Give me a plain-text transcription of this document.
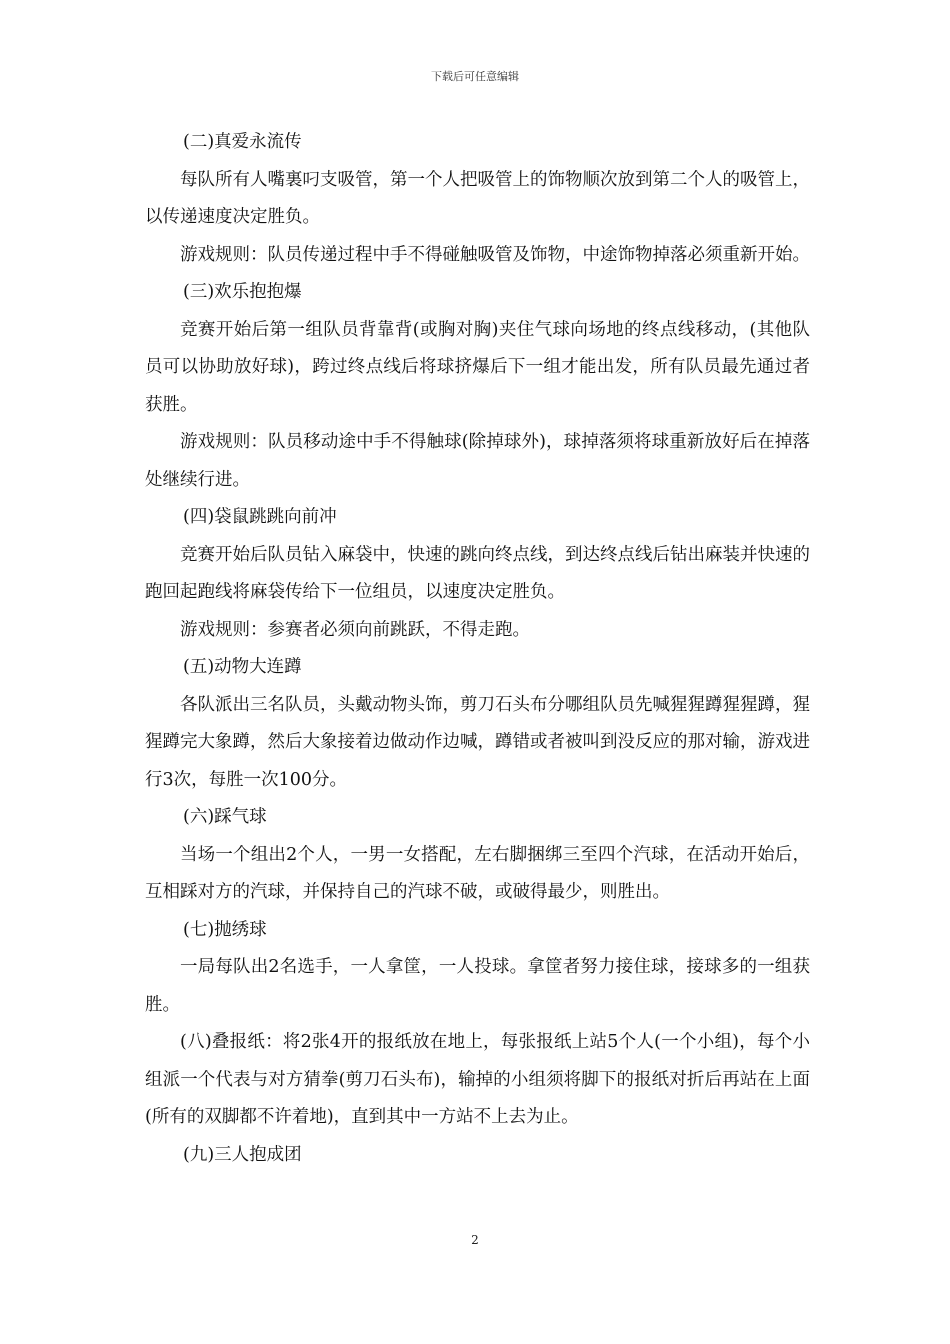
下载后可任意编辑

(二)真爱永流传

每队所有人嘴裏叼支吸管，第一个人把吸管上的饰物顺次放到第二个人的吸管上，以传递速度决定胜负。

游戏规则：队员传递过程中手不得碰触吸管及饰物，中途饰物掉落必须重新开始。

(三)欢乐抱抱爆

竞赛开始后第一组队员背靠背(或胸对胸)夹住气球向场地的终点线移动，(其他队员可以协助放好球)，跨过终点线后将球挤爆后下一组才能出发，所有队员最先通过者获胜。

游戏规则：队员移动途中手不得触球(除掉球外)，球掉落须将球重新放好后在掉落处继续行进。

(四)袋鼠跳跳向前冲

竞赛开始后队员钻入麻袋中，快速的跳向终点线，到达终点线后钻出麻装并快速的跑回起跑线将麻袋传给下一位组员，以速度决定胜负。

游戏规则：参赛者必须向前跳跃，不得走跑。

(五)动物大连蹲

各队派出三名队员，头戴动物头饰，剪刀石头布分哪组队员先喊猩猩蹲猩猩蹲，猩猩蹲完大象蹲，然后大象接着边做动作边喊，蹲错或者被叫到没反应的那对输，游戏进行3次，每胜一次100分。

(六)踩气球

当场一个组出2个人，一男一女搭配，左右脚捆绑三至四个汽球，在活动开始后，互相踩对方的汽球，并保持自己的汽球不破，或破得最少，则胜出。

(七)抛绣球

一局每队出2名选手，一人拿筐，一人投球。拿筐者努力接住球，接球多的一组获胜。

(八)叠报纸：将2张4开的报纸放在地上，每张报纸上站5个人(一个小组)，每个小组派一个代表与对方猜拳(剪刀石头布)，输掉的小组须将脚下的报纸对折后再站在上面(所有的双脚都不许着地)，直到其中一方站不上去为止。

(九)三人抱成团

2
